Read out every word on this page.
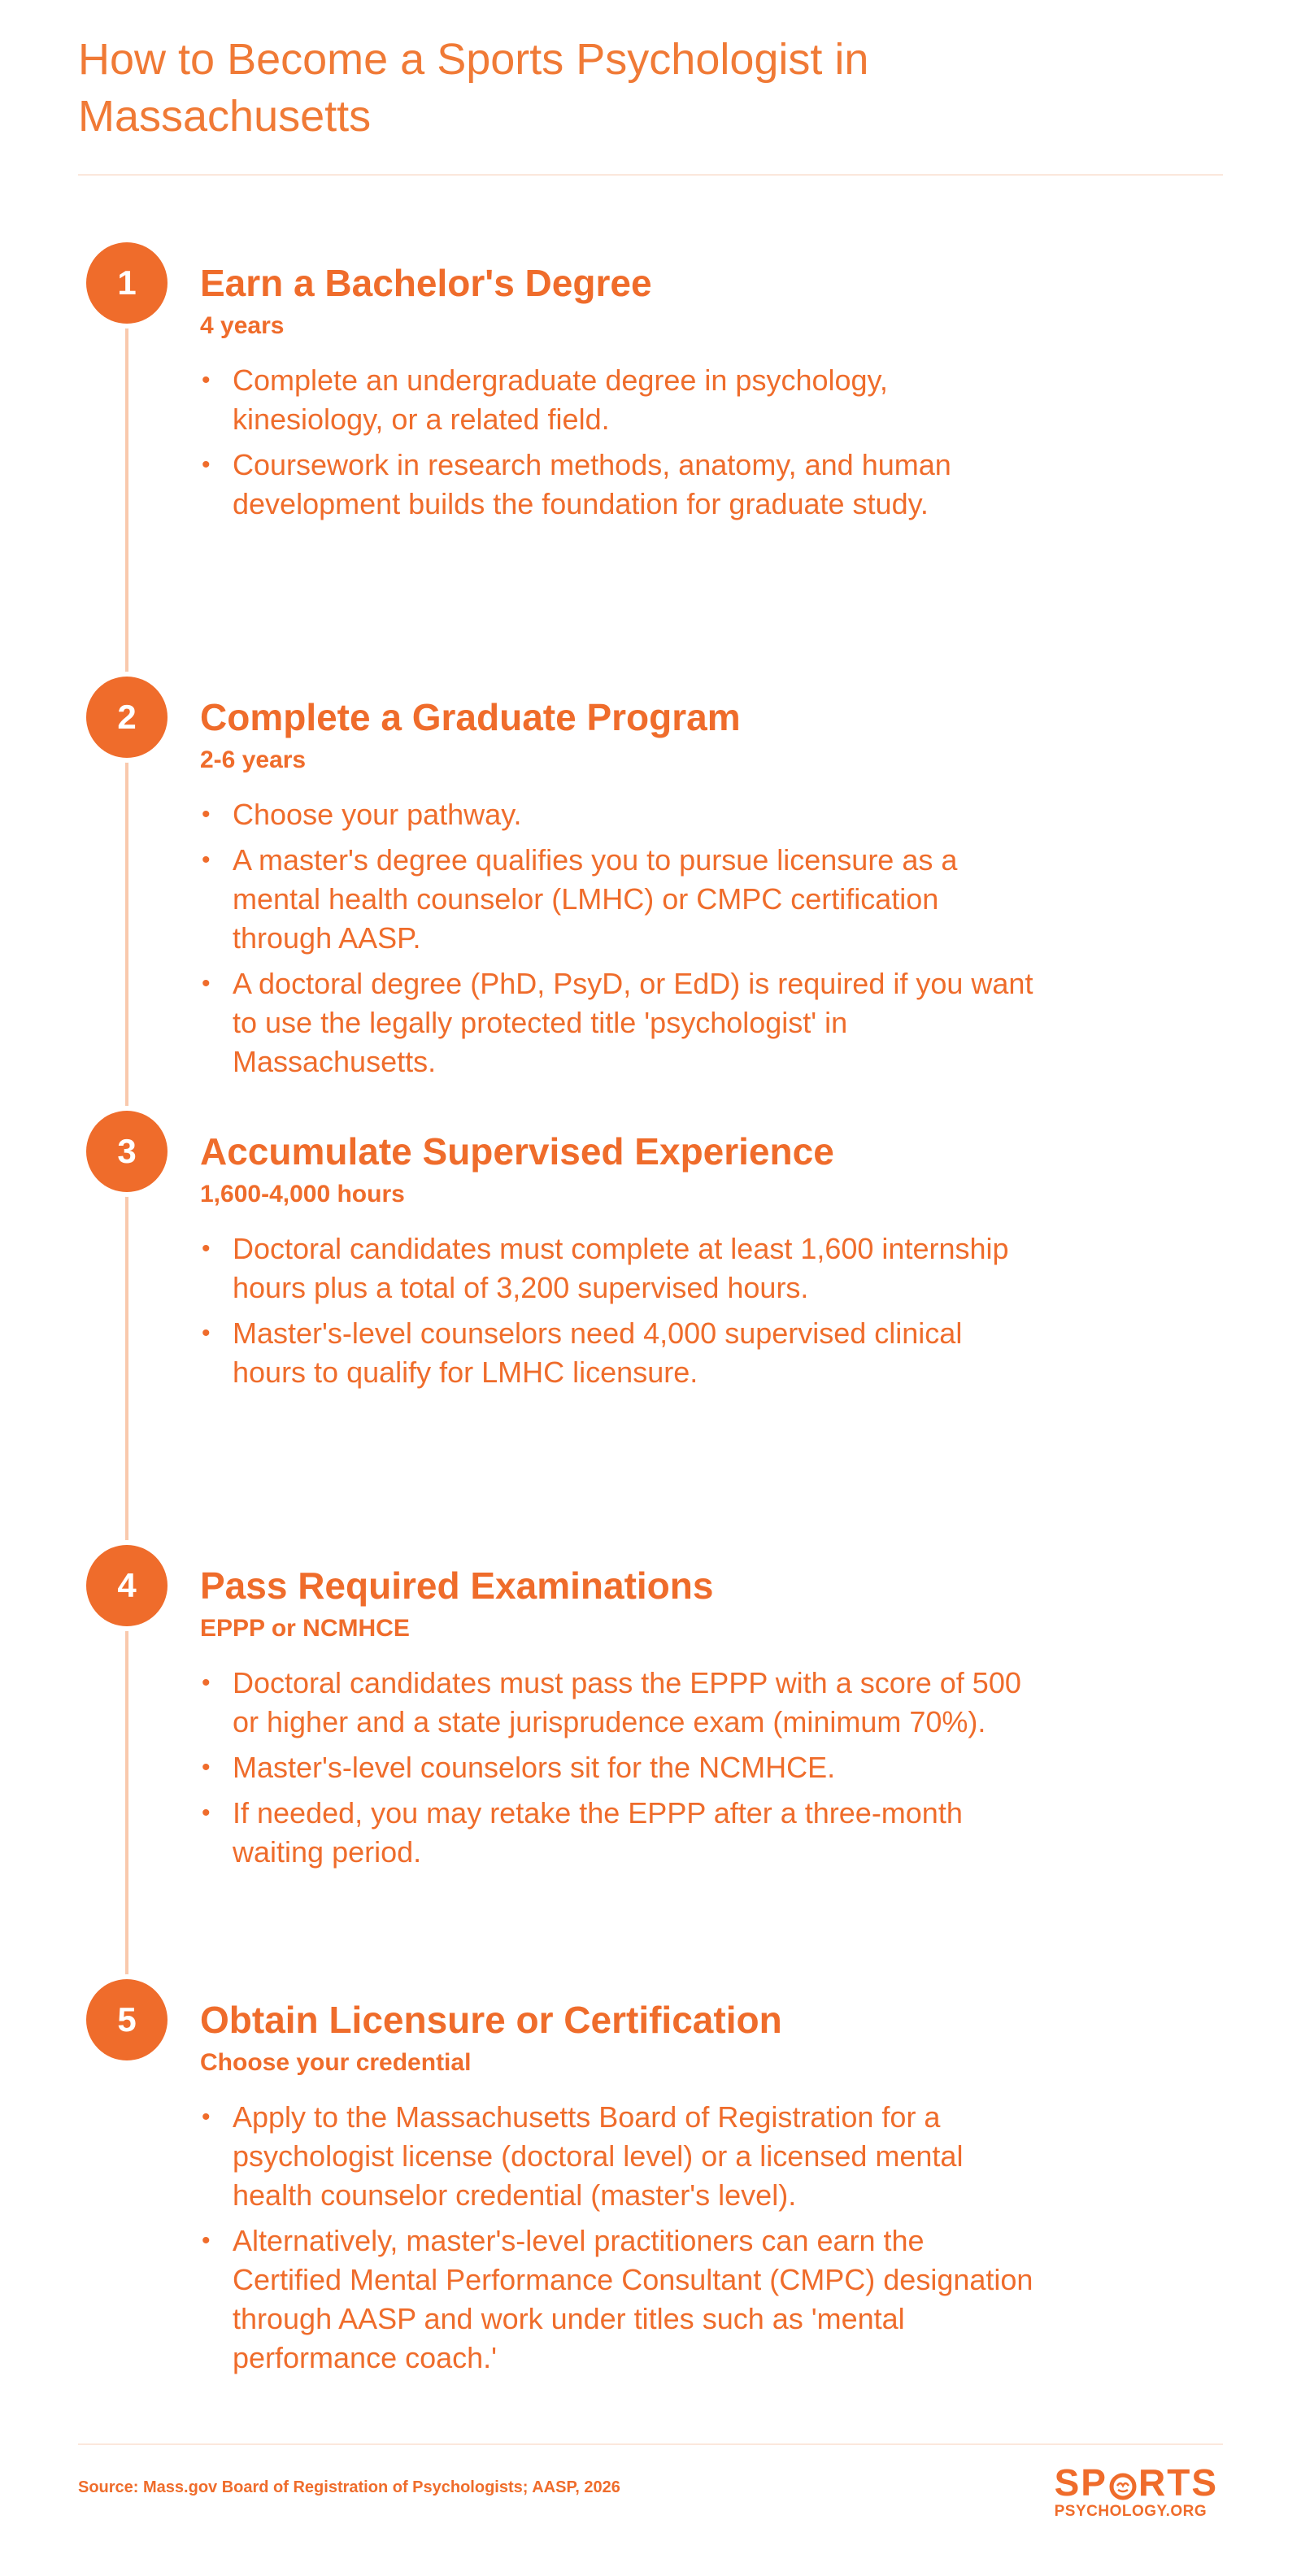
How to Become a Sports Psychologist in Massachusetts
1	Earn a Bachelor's Degree

4 years

• Complete an undergraduate degree in psychology, kinesiology, or a related field.
• Coursework in research methods, anatomy, and human development builds the foundation for graduate study.
2	Complete a Graduate Program

2-6 years

• Choose your pathway.
• A master's degree qualifies you to pursue licensure as a mental health counselor (LMHC) or CMPC certification through AASP.
• A doctoral degree (PhD, PsyD, or EdD) is required if you want to use the legally protected title 'psychologist' in Massachusetts.
3	Accumulate Supervised Experience

1,600-4,000 hours

• Doctoral candidates must complete at least 1,600 internship hours plus a total of 3,200 supervised hours.
• Master's-level counselors need 4,000 supervised clinical hours to qualify for LMHC licensure.
4	Pass Required Examinations

EPPP or NCMHCE

• Doctoral candidates must pass the EPPP with a score of 500 or higher and a state jurisprudence exam (minimum 70%).
• Master's-level counselors sit for the NCMHCE.
• If needed, you may retake the EPPP after a three-month waiting period.
5	Obtain Licensure or Certification

Choose your credential

• Apply to the Massachusetts Board of Registration for a psychologist license (doctoral level) or a licensed mental health counselor credential (master's level).
• Alternatively, master's-level practitioners can earn the Certified Mental Performance Consultant (CMPC) designation through AASP and work under titles such as 'mental performance coach.'
Source: Mass.gov Board of Registration of Psychologists; AASP, 2026	SP RTS
PSYCHOLOGY.ORG
